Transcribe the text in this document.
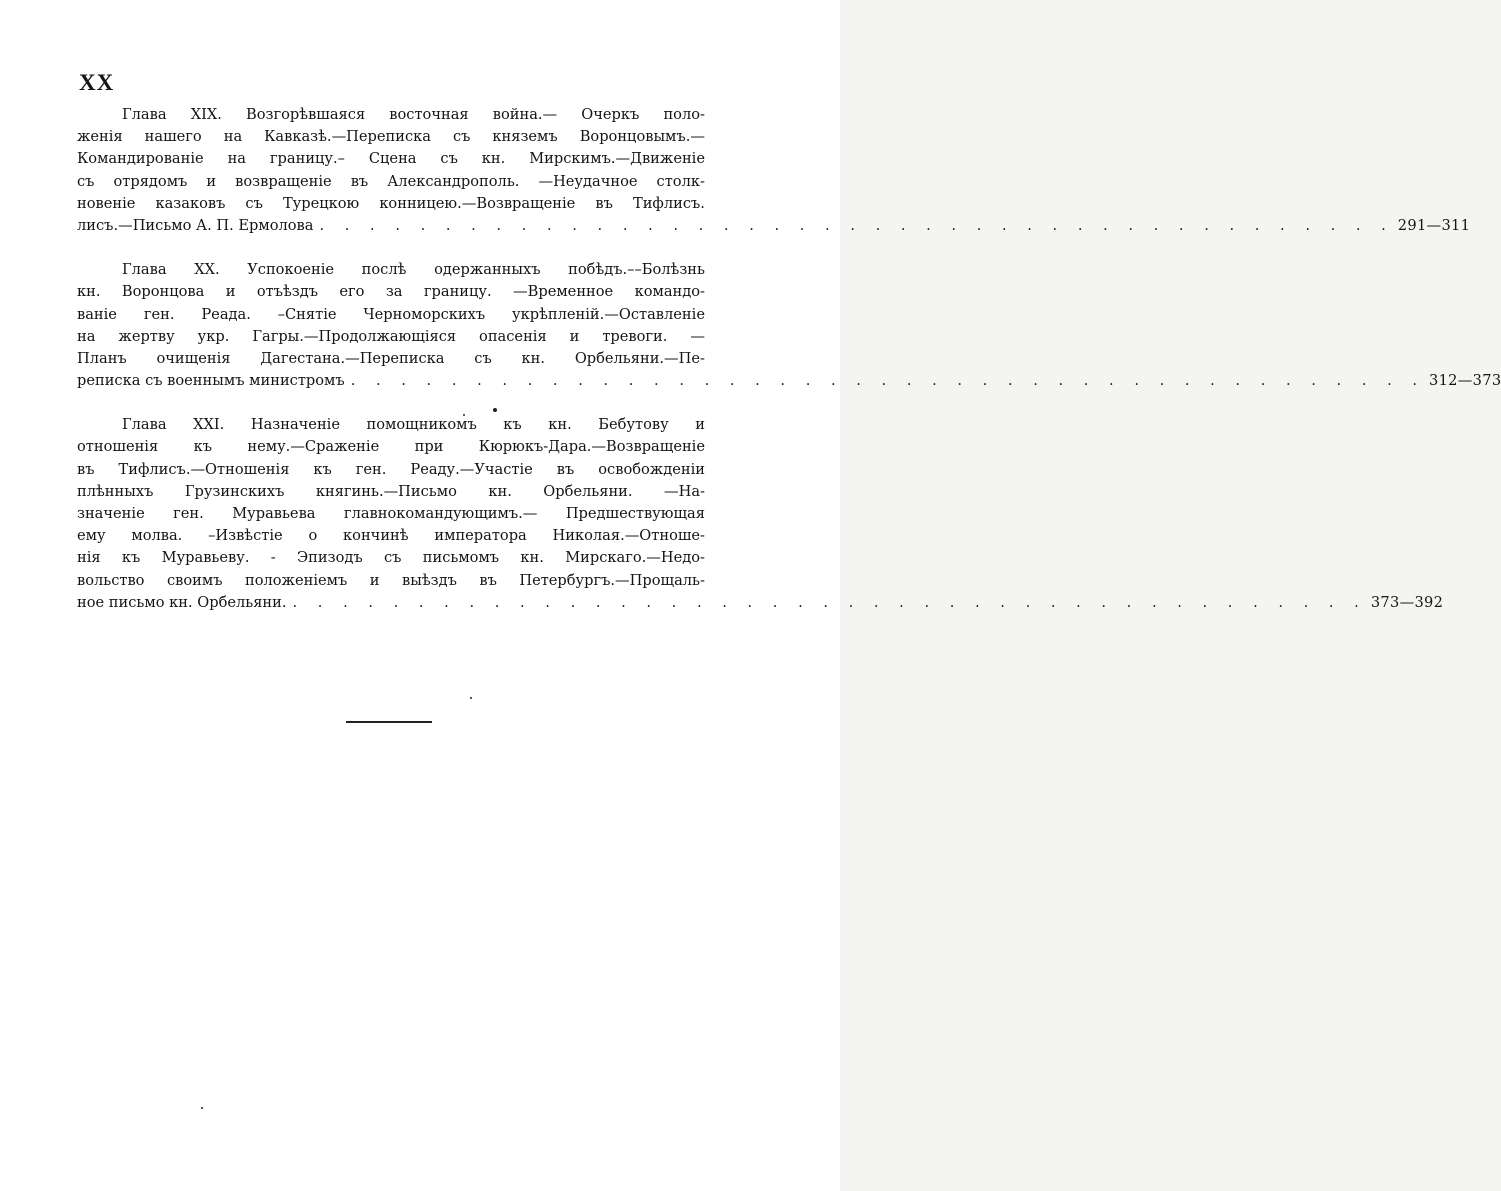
XX
Глава XIX. Возгорѣвшаяся восточная война.— Очеркъ поло-
женія нашего на Кавказѣ.—Переписка съ княземъ Воронцовымъ.—
Командированіе на границу.– Сцена съ кн. Мирскимъ.—Движеніе
съ отрядомъ и возвращеніе въ Александрополь. —Неудачное столк-
новеніе казаковъ съ Турецкою конницею.—Возвращеніе въ Тифлисъ.
лисъ.—Письмо А. П. Ермолова . . . . . . . . . . . . . . . . . . . . . . . . . . . . . . . . . . . . . . . . . . . 291—311
Глава XX. Успокоеніе послѣ одержанныхъ побѣдъ.––Болѣзнь
кн. Воронцова и отъѣздъ его за границу. —Временное командо-
ваніе ген. Реада. –Снятіе Черноморскихъ укрѣпленій.—Оставленіе
на жертву укр. Гагры.—Продолжающіяся опасенія и тревоги. —
Планъ очищенія Дагестана.—Переписка съ кн. Орбельяни.—Пе-
реписка съ военнымъ министромъ . . . . . . . . . . . . . . . . . . . . . . . . . . . . . . . . . . . . . . . . . . . 312—373
Глава XXI. Назначеніе помощникомъ къ кн. Бебутову и
отношенія къ нему.—Сраженіе при Кюрюкъ-Дара.—Возвращеніе
въ Тифлисъ.—Отношенія къ ген. Реаду.—Участіе въ освобожденіи
плѣнныхъ Грузинскихъ княгинь.—Письмо кн. Орбельяни. —На-
значеніе ген. Муравьева главнокомандующимъ.— Предшествующая
ему молва. –Извѣстіе о кончинѣ императора Николая.—Отноше-
нія къ Муравьеву. - Эпизодъ съ письмомъ кн. Мирскаго.—Недо-
вольство своимъ положеніемъ и выѣздъ въ Петербургъ.—Прощаль-
ное письмо кн. Орбельяни. . . . . . . . . . . . . . . . . . . . . . . . . . . . . . . . . . . . . . . . . . . . 373—392
